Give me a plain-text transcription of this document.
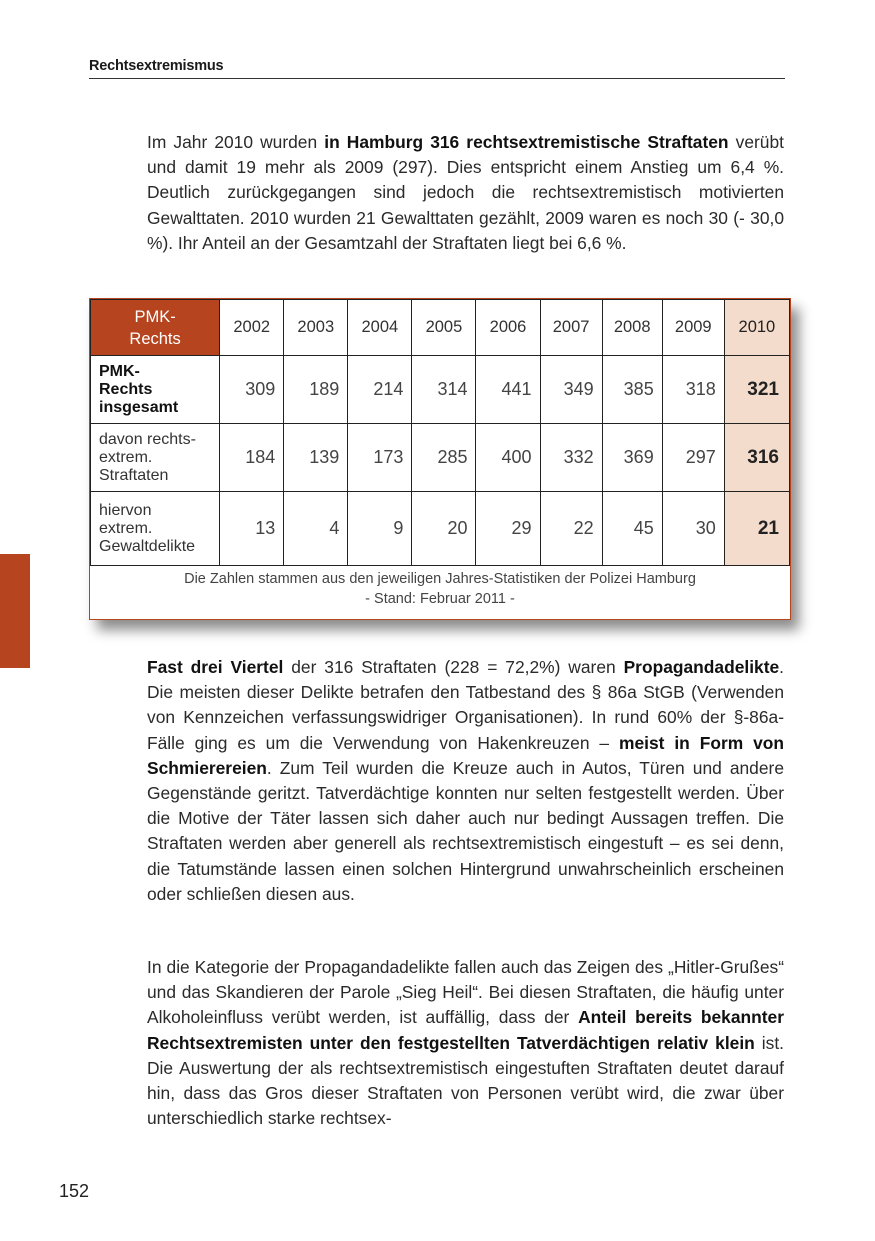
Rechtsextremismus

Im Jahr 2010 wurden in Hamburg 316 rechtsextremistische Straftaten verübt und damit 19 mehr als 2009 (297). Dies entspricht einem Anstieg um 6,4 %. Deutlich zurückgegangen sind jedoch die rechtsextremistisch motivierten Gewalttaten. 2010 wurden 21 Gewalttaten gezählt, 2009 waren es noch 30 (- 30,0 %). Ihr Anteil an der Gesamtzahl der Straftaten liegt bei 6,6 %.

PMK-
Rechts	2002	2003	2004	2005	2006	2007	2008	2009	2010
PMK-
Rechts
insgesamt	309	189	214	314	441	349	385	318	321
davon rechts-
extrem.
Straftaten	184	139	173	285	400	332	369	297	316
hiervon
extrem.
Gewaltdelikte	13	4	9	20	29	22	45	30	21
Die Zahlen stammen aus den jeweiligen Jahres-Statistiken der Polizei Hamburg
- Stand: Februar 2011 -									

Fast drei Viertel der 316 Straftaten (228 = 72,2%) waren Propagandadelikte. Die meisten dieser Delikte betrafen den Tatbestand des § 86a StGB (Verwenden von Kennzeichen verfassungswidriger Organisationen). In rund 60% der §-86a-Fälle ging es um die Verwendung von Hakenkreuzen – meist in Form von Schmierereien. Zum Teil wurden die Kreuze auch in Autos, Türen und andere Gegenstände geritzt. Tatverdächtige konnten nur selten festgestellt werden. Über die Motive der Täter lassen sich daher auch nur bedingt Aussagen treffen. Die Straftaten werden aber generell als rechtsextremistisch eingestuft – es sei denn, die Tatumstände lassen einen solchen Hintergrund unwahrscheinlich erscheinen oder schließen diesen aus.

In die Kategorie der Propagandadelikte fallen auch das Zeigen des „Hitler-Grußes“ und das Skandieren der Parole „Sieg Heil“. Bei diesen Straftaten, die häufig unter Alkoholeinfluss verübt werden, ist auffällig, dass der Anteil bereits bekannter Rechtsextremisten unter den festgestellten Tatverdächtigen relativ klein ist. Die Auswertung der als rechtsextremistisch eingestuften Straftaten deutet darauf hin, dass das Gros dieser Straftaten von Personen verübt wird, die zwar über unterschiedlich starke rechtsex-

152
